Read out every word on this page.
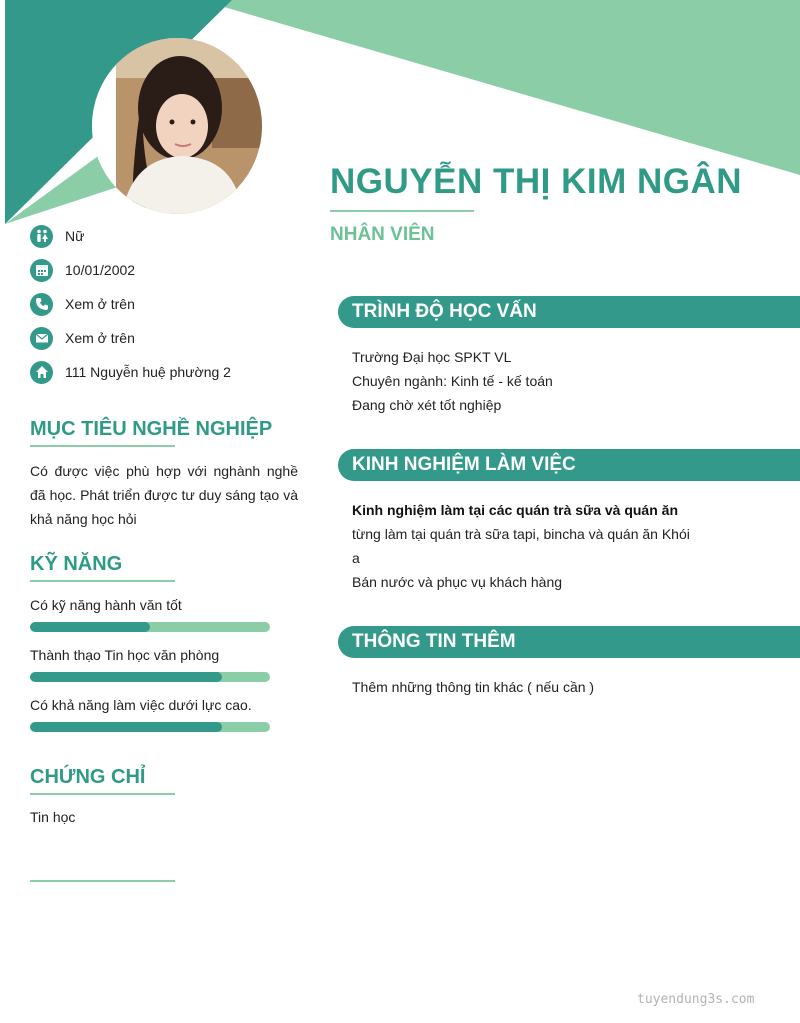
NGUYỄN THỊ KIM NGÂN
NHÂN VIÊN
Nữ
10/01/2002
Xem ở trên
Xem ở trên
111 Nguyễn huệ phường 2
MỤC TIÊU NGHỀ NGHIỆP
Có được việc phù hợp với nghành nghề đã học. Phát triển được tư duy sáng tạo và khả năng học hỏi
KỸ NĂNG
Có kỹ năng hành văn tốt
Thành thạo Tin học văn phòng
Có khả năng làm việc dưới lực cao.
CHỨNG CHỈ
Tin học
TRÌNH ĐỘ HỌC VẤN
Trường Đại học SPKT VL
Chuyên ngành: Kinh tế - kế toán
Đang chờ xét tốt nghiệp
KINH NGHIỆM LÀM VIỆC
Kinh nghiệm làm tại các quán trà sữa và quán ăn
từng làm tại quán trà sữa tapi, bincha và quán ăn Khói
a
Bán nước và phục vụ khách hàng
THÔNG TIN THÊM
Thêm những thông tin khác ( nếu cần )
tuyendung3s.com
